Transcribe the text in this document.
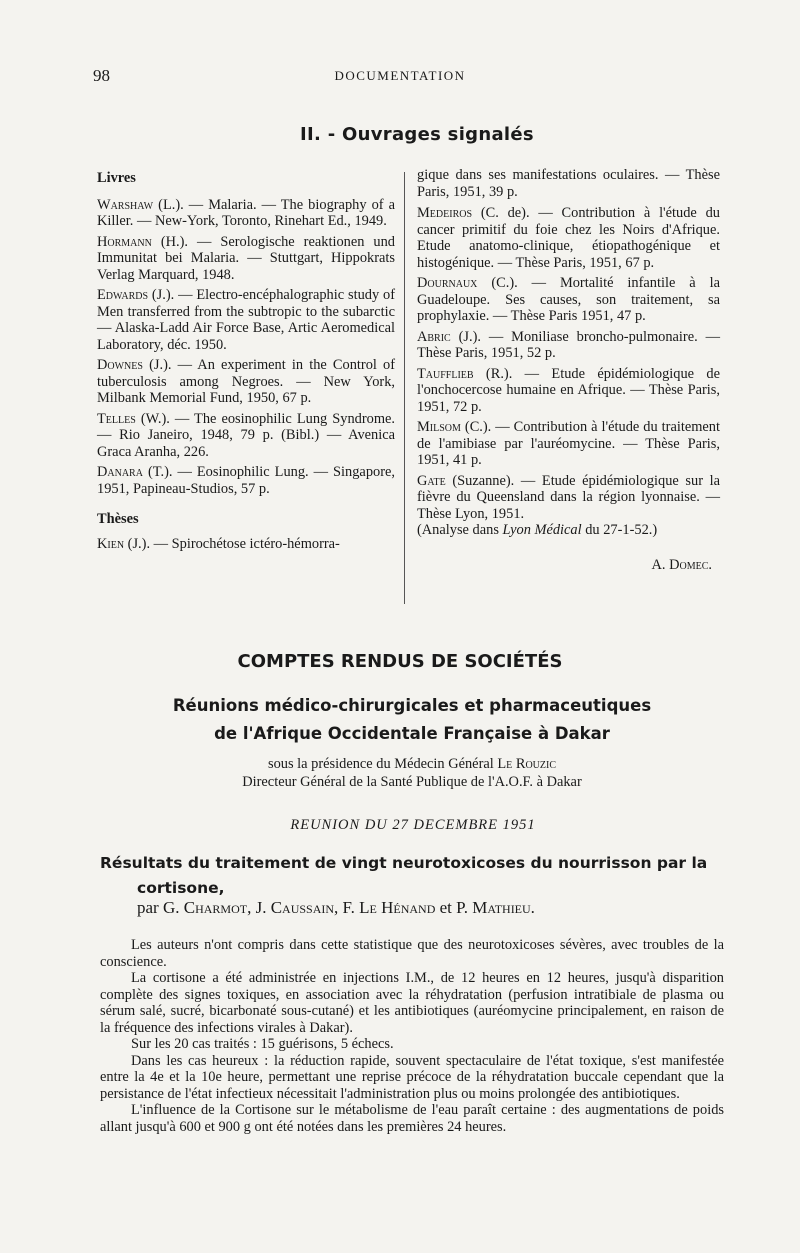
98	DOCUMENTATION
II. - Ouvrages signalés
Livres

Warshaw (L.). — Malaria. — The biography of a Killer. — New-York, Toronto, Rinehart Ed., 1949.

Hormann (H.). — Serologische reaktionen und Immunitat bei Malaria. — Stuttgart, Hippokrats Verlag Marquard, 1948.

Edwards (J.). — Electro-encéphalographic study of Men transferred from the subtropic to the subarctic — Alaska-Ladd Air Force Base, Artic Aeromedical Laboratory, déc. 1950.

Downes (J.). — An experiment in the Control of tuberculosis among Negroes. — New York, Milbank Memorial Fund, 1950, 67 p.

Telles (W.). — The eosinophilic Lung Syndrome. — Rio Janeiro, 1948, 79 p. (Bibl.) — Avenica Graca Aranha, 226.

Danara (T.). — Eosinophilic Lung. — Singapore, 1951, Papineau-Studios, 57 p.

Thèses

Kien (J.). — Spirochétose ictéro-hémorra-

gique dans ses manifestations oculaires. — Thèse Paris, 1951, 39 p.

Medeiros (C. de). — Contribution à l'étude du cancer primitif du foie chez les Noirs d'Afrique. Etude anatomo-clinique, étiopathogénique et histogénique. — Thèse Paris, 1951, 67 p.

Dournaux (C.). — Mortalité infantile à la Guadeloupe. Ses causes, son traitement, sa prophylaxie. — Thèse Paris 1951, 47 p.

Abric (J.). — Moniliase broncho-pulmonaire. — Thèse Paris, 1951, 52 p.

Taufflieb (R.). — Etude épidémiologique de l'onchocercose humaine en Afrique. — Thèse Paris, 1951, 72 p.

Milsom (C.). — Contribution à l'étude du traitement de l'amibiase par l'auréomycine. — Thèse Paris, 1951, 41 p.

Gate (Suzanne). — Etude épidémiologique sur la fièvre du Queensland dans la région lyonnaise. — Thèse Lyon, 1951.
(Analyse dans Lyon Médical du 27-1-52.)

A. Domec.
COMPTES RENDUS DE SOCIÉTÉS
Réunions médico-chirurgicales et pharmaceutiques
de l'Afrique Occidentale Française à Dakar
sous la présidence du Médecin Général Le Rouzic
Directeur Général de la Santé Publique de l'A.O.F. à Dakar
REUNION DU 27 DECEMBRE 1951
Résultats du traitement de vingt neurotoxicoses du nourrisson par la
cortisone,
par G. Charmot, J. Caussain, F. Le Hénand et P. Mathieu.

Les auteurs n'ont compris dans cette statistique que des neurotoxicoses sévères, avec troubles de la conscience.

La cortisone a été administrée en injections I.M., de 12 heures en 12 heures, jusqu'à disparition complète des signes toxiques, en association avec la réhydratation (perfusion intratibiale de plasma ou sérum salé, sucré, bicarbonaté sous-cutané) et les antibiotiques (auréomycine principalement, en raison de la fréquence des infections virales à Dakar).

Sur les 20 cas traités : 15 guérisons, 5 échecs.

Dans les cas heureux : la réduction rapide, souvent spectaculaire de l'état toxique, s'est manifestée entre la 4e et la 10e heure, permettant une reprise précoce de la réhydratation buccale cependant que la persistance de l'état infectieux nécessitait l'administration plus ou moins prolongée des antibiotiques.

L'influence de la Cortisone sur le métabolisme de l'eau paraît certaine : des augmentations de poids allant jusqu'à 600 et 900 g ont été notées dans les premières 24 heures.
